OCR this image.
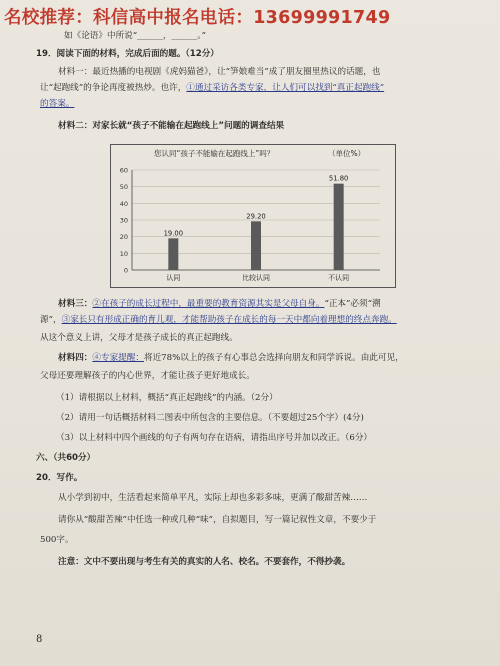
名校推荐：科信高中报名电话：13699991749
如《论语》中所说“______，______。”
19．阅读下面的材料，完成后面的题。（12分）
材料一：最近热播的电视剧《虎妈猫爸》，让“笋娘难当”成了朋友圈里热议的话题，也
让“起跑线”的争论再度被热炒。也许，①通过采访各类专家，让人们可以找到“真正起跑线”
的答案。
材料二：对家长就“孩子不能输在起跑线上”问题的调查结果
您认同“孩子不能输在起跑线上”吗？	（单位%）
0
10
20
30
40
50
60
19.00
认同
29.20
比较认同
51.80
不认同
材料三：②在孩子的成长过程中，最重要的教育资源其实是父母自身。“正本”必须“溯
源”，③家长只有形成正确的育儿观，才能帮助孩子在成长的每一天中都向着理想的终点奔跑。
从这个意义上讲，父母才是孩子成长的真正起跑线。
材料四：④专家提醒：将近78%以上的孩子有心事总会选择向朋友和同学诉说。由此可见，
父母还要理解孩子的内心世界，才能让孩子更好地成长。
（1）请根据以上材料，概括“真正起跑线”的内涵。（2分）
（2）请用一句话概括材料二图表中所包含的主要信息。（不要超过25个字）(4分)
（3）以上材料中四个画线的句子有两句存在语病，请指出序号并加以改正。（6分）
六、（共60分）
20．写作。
从小学到初中，生活看起来简单平凡，实际上却也多彩多味，更满了酸甜苦辣……
请你从“酸甜苦辣”中任选一种或几种“味”，自拟题目，写一篇记叙性文章，不要少于
500字。
注意：文中不要出现与考生有关的真实的人名、校名。不要套作，不得抄袭。
8
